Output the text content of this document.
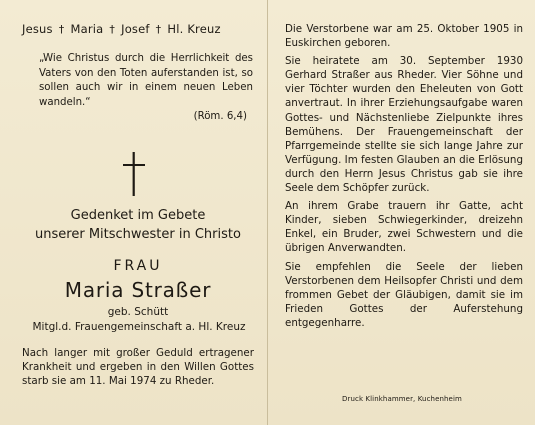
Jesus † Maria † Josef † Hl. Kreuz
„Wie Christus durch die Herrlichkeit des Vaters von den Toten auferstanden ist, so sollen auch wir in einem neuen Leben wandeln.“
(Röm. 6,4)
Gedenket im Gebete
unserer Mitschwester in Christo
FRAU
Maria Straßer
geb. Schütt
Mitgl.d. Frauengemeinschaft a. Hl. Kreuz
Nach langer mit großer Geduld ertragener Krankheit und ergeben in den Willen Gottes starb sie am 11. Mai 1974 zu Rheder.

Die Verstorbene war am 25. Oktober 1905 in Euskirchen geboren.

Sie heiratete am 30. September 1930 Gerhard Straßer aus Rheder. Vier Söhne und vier Töchter wurden den Eheleuten von Gott anvertraut. In ihrer Erziehungsaufgabe waren Gottes- und Nächstenliebe Zielpunkte ihres Bemühens. Der Frauengemeinschaft der Pfarrgemeinde stellte sie sich lange Jahre zur Verfügung. Im festen Glauben an die Erlösung durch den Herrn Jesus Christus gab sie ihre Seele dem Schöpfer zurück.

An ihrem Grabe trauern ihr Gatte, acht Kinder, sieben Schwiegerkinder, dreizehn Enkel, ein Bruder, zwei Schwestern und die übrigen Anverwandten.

Sie empfehlen die Seele der lieben Verstorbenen dem Heilsopfer Christi und dem frommen Gebet der Gläubigen, damit sie im Frieden Gottes der Auferstehung entgegenharre.

Druck Klinkhammer, Kuchenheim
